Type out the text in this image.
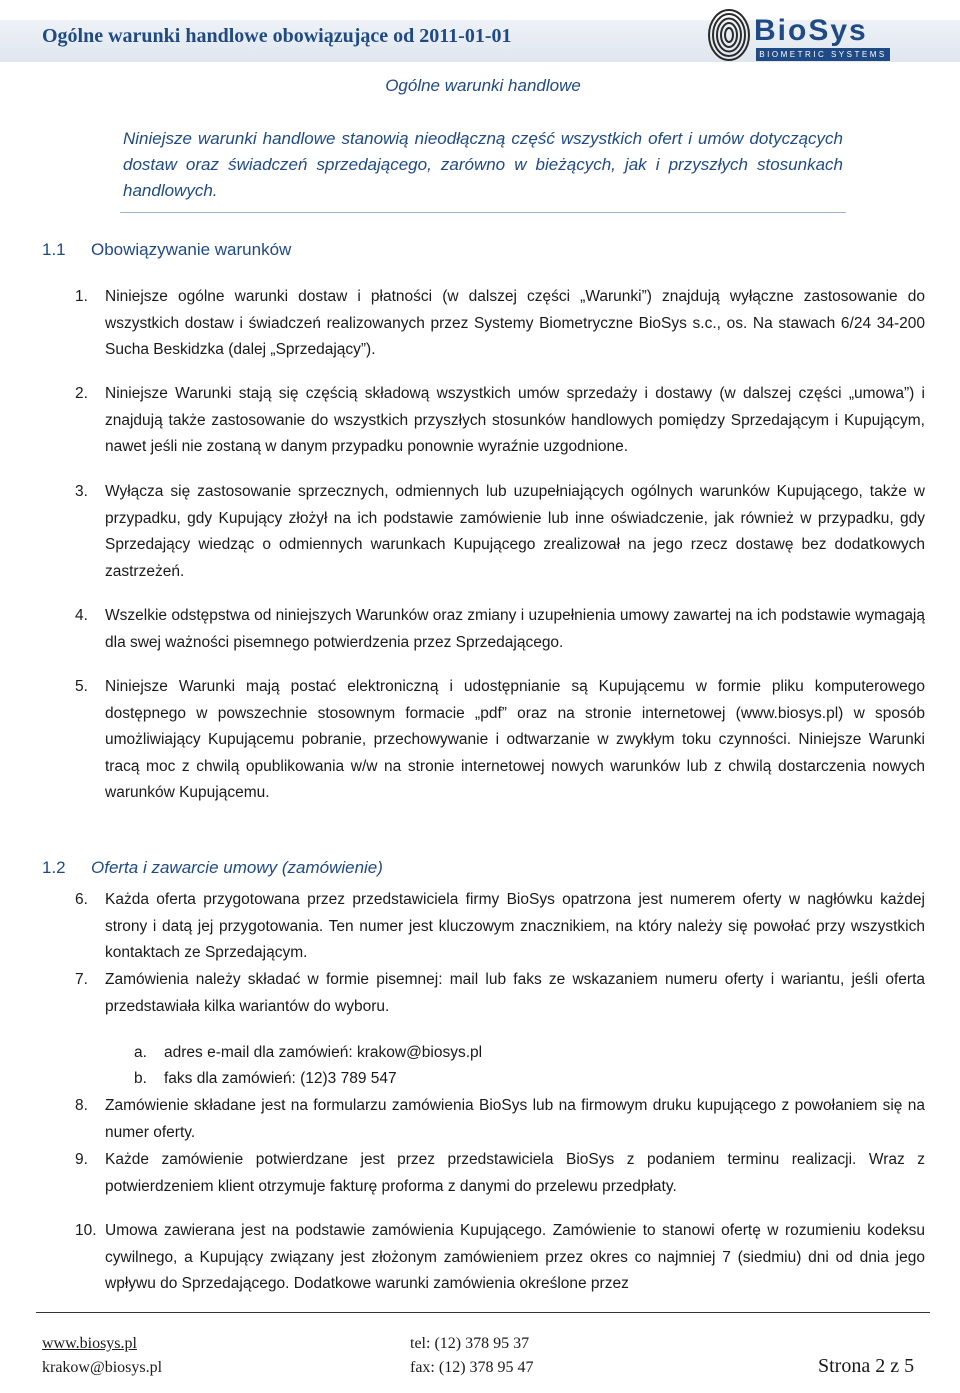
Ogólne warunki handlowe obowiązujące od 2011-01-01	BioSys
BIOMETRIC SYSTEMS
Ogólne warunki handlowe
Niniejsze warunki handlowe stanowią nieodłączną część wszystkich ofert i umów dotyczących dostaw oraz świadczeń sprzedającego, zarówno w bieżących, jak i przyszłych stosunkach handlowych.
1.1 Obowiązywanie warunków
1. Niniejsze ogólne warunki dostaw i płatności (w dalszej części „Warunki”) znajdują wyłączne zastosowanie do wszystkich dostaw i świadczeń realizowanych przez Systemy Biometryczne BioSys s.c., os. Na stawach 6/24 34-200 Sucha Beskidzka (dalej „Sprzedający”).
2. Niniejsze Warunki stają się częścią składową wszystkich umów sprzedaży i dostawy (w dalszej części „umowa”) i znajdują także zastosowanie do wszystkich przyszłych stosunków handlowych pomiędzy Sprzedającym i Kupującym, nawet jeśli nie zostaną w danym przypadku ponownie wyraźnie uzgodnione.
3. Wyłącza się zastosowanie sprzecznych, odmiennych lub uzupełniających ogólnych warunków Kupującego, także w przypadku, gdy Kupujący złożył na ich podstawie zamówienie lub inne oświadczenie, jak również w przypadku, gdy Sprzedający wiedząc o odmiennych warunkach Kupującego zrealizował na jego rzecz dostawę bez dodatkowych zastrzeżeń.
4. Wszelkie odstępstwa od niniejszych Warunków oraz zmiany i uzupełnienia umowy zawartej na ich podstawie wymagają dla swej ważności pisemnego potwierdzenia przez Sprzedającego.
5. Niniejsze Warunki mają postać elektroniczną i udostępnianie są Kupującemu w formie pliku komputerowego dostępnego w powszechnie stosownym formacie „pdf” oraz na stronie internetowej (www.biosys.pl) w sposób umożliwiający Kupującemu pobranie, przechowywanie i odtwarzanie w zwykłym toku czynności. Niniejsze Warunki tracą moc z chwilą opublikowania w/w na stronie internetowej nowych warunków lub z chwilą dostarczenia nowych warunków Kupującemu.
1.2 Oferta i zawarcie umowy (zamówienie)
6. Każda oferta przygotowana przez przedstawiciela firmy BioSys opatrzona jest numerem oferty w nagłówku każdej strony i datą jej przygotowania. Ten numer jest kluczowym znacznikiem, na który należy się powołać przy wszystkich kontaktach ze Sprzedającym.
7. Zamówienia należy składać w formie pisemnej: mail lub faks ze wskazaniem numeru oferty i wariantu, jeśli oferta przedstawiała kilka wariantów do wyboru.
a. adres e-mail dla zamówień: krakow@biosys.pl
b. faks dla zamówień: (12)3 789 547
8. Zamówienie składane jest na formularzu zamówienia BioSys lub na firmowym druku kupującego z powołaniem się na numer oferty.
9. Każde zamówienie potwierdzane jest przez przedstawiciela BioSys z podaniem terminu realizacji. Wraz z potwierdzeniem klient otrzymuje fakturę proforma z danymi do przelewu przedpłaty.
10. Umowa zawierana jest na podstawie zamówienia Kupującego. Zamówienie to stanowi ofertę w rozumieniu kodeksu cywilnego, a Kupujący związany jest złożonym zamówieniem przez okres co najmniej 7 (siedmiu) dni od dnia jego wpływu do Sprzedającego. Dodatkowe warunki zamówienia określone przez
www.biosys.pl
krakow@biosys.pl
tel: (12) 378 95 37
fax: (12) 378 95 47	Strona 2 z 5
